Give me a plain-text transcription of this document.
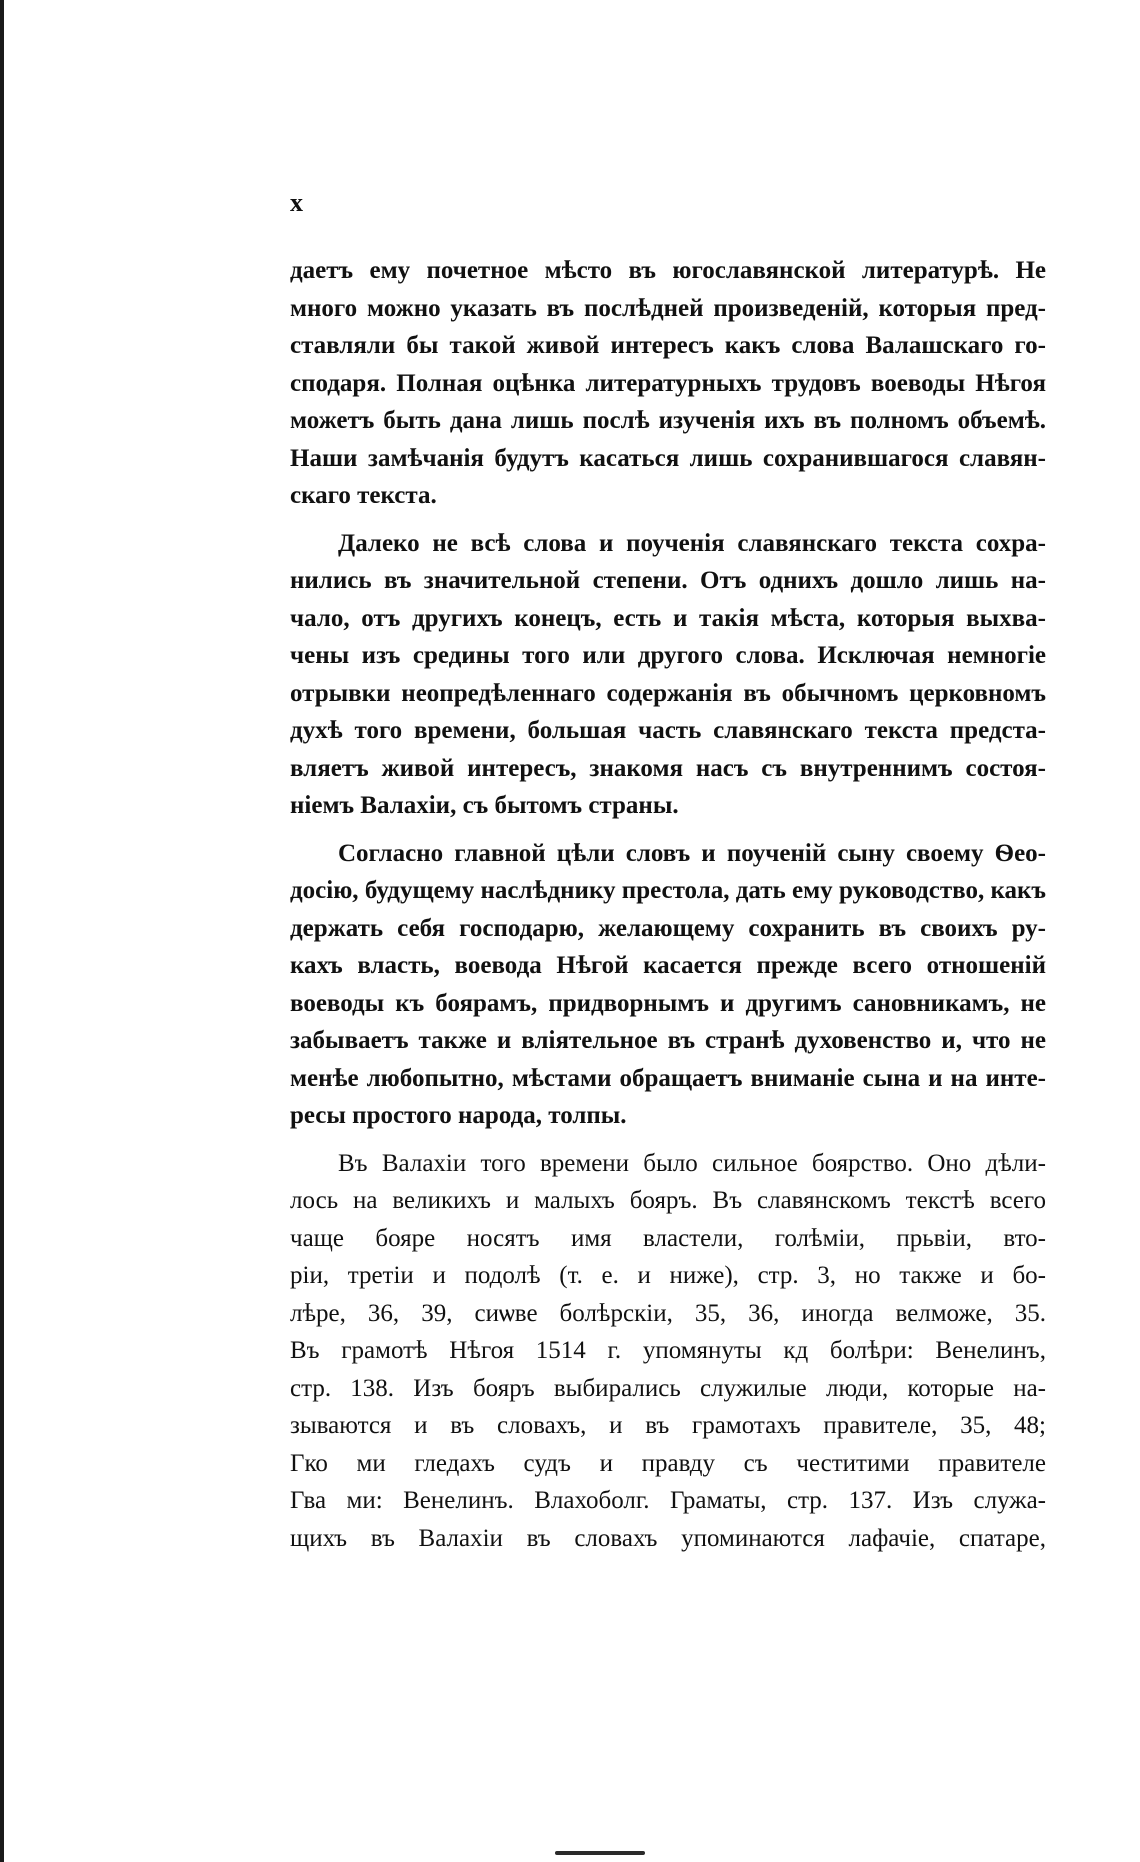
x
даетъ ему почетное мѣсто въ югославянской литературѣ. Не
много можно указать въ послѣдней произведеній, которыя пред-
ставляли бы такой живой интересъ какъ слова Валашскаго го-
сподаря. Полная оцѣнка литературныхъ трудовъ воеводы Нѣгоя
можетъ быть дана лишь послѣ изученія ихъ въ полномъ объемѣ.
Наши замѣчанія будутъ касаться лишь сохранившагося славян-
скаго текста.
Далеко не всѣ слова и поученія славянскаго текста сохра-
нились въ значительной степени. Отъ однихъ дошло лишь на-
чало, отъ другихъ конецъ, есть и такія мѣста, которыя выхва-
чены изъ средины того или другого слова. Исключая немногіе
отрывки неопредѣленнаго содержанія въ обычномъ церковномъ
духѣ того времени, большая часть славянскаго текста предста-
вляетъ живой интересъ, знакомя насъ съ внутреннимъ состоя-
ніемъ Валахіи, съ бытомъ страны.
Согласно главной цѣли словъ и поученій сыну своему Ѳео-
досію, будущему наслѣднику престола, дать ему руководство, какъ
держать себя господарю, желающему сохранить въ своихъ ру-
кахъ власть, воевода Нѣгой касается прежде всего отношеній
воеводы къ боярамъ, придворнымъ и другимъ сановникамъ, не
забываетъ также и вліятельное въ странѣ духовенство и, что не
менѣе любопытно, мѣстами обращаетъ вниманіе сына и на инте-
ресы простого народа, толпы.
Въ Валахіи того времени было сильное боярство. Оно дѣли-
лось на великихъ и малыхъ бояръ. Въ славянскомъ текстѣ всего
чаще бояре носятъ имя властели, голѣміи, прьвіи, вто-
ріи, третіи и подолѣ (т. е. и ниже), стр. 3, но также и бо-
лѣре, 36, 39, сиѡве болѣрскіи, 35, 36, иногда велможе, 35.
Въ грамотѣ Нѣгоя 1514 г. упомянуты кд болѣри: Венелинъ,
стр. 138. Изъ бояръ выбирались служилые люди, которые на-
зываются и въ словахъ, и въ грамотахъ правителе, 35, 48;
Гко ми гледахъ судъ и правду съ честитими правителе
Гва ми: Венелинъ. Влахоболг. Граматы, стр. 137. Изъ служа-
щихъ въ Валахіи въ словахъ упоминаются лафачіе, спатаре,
